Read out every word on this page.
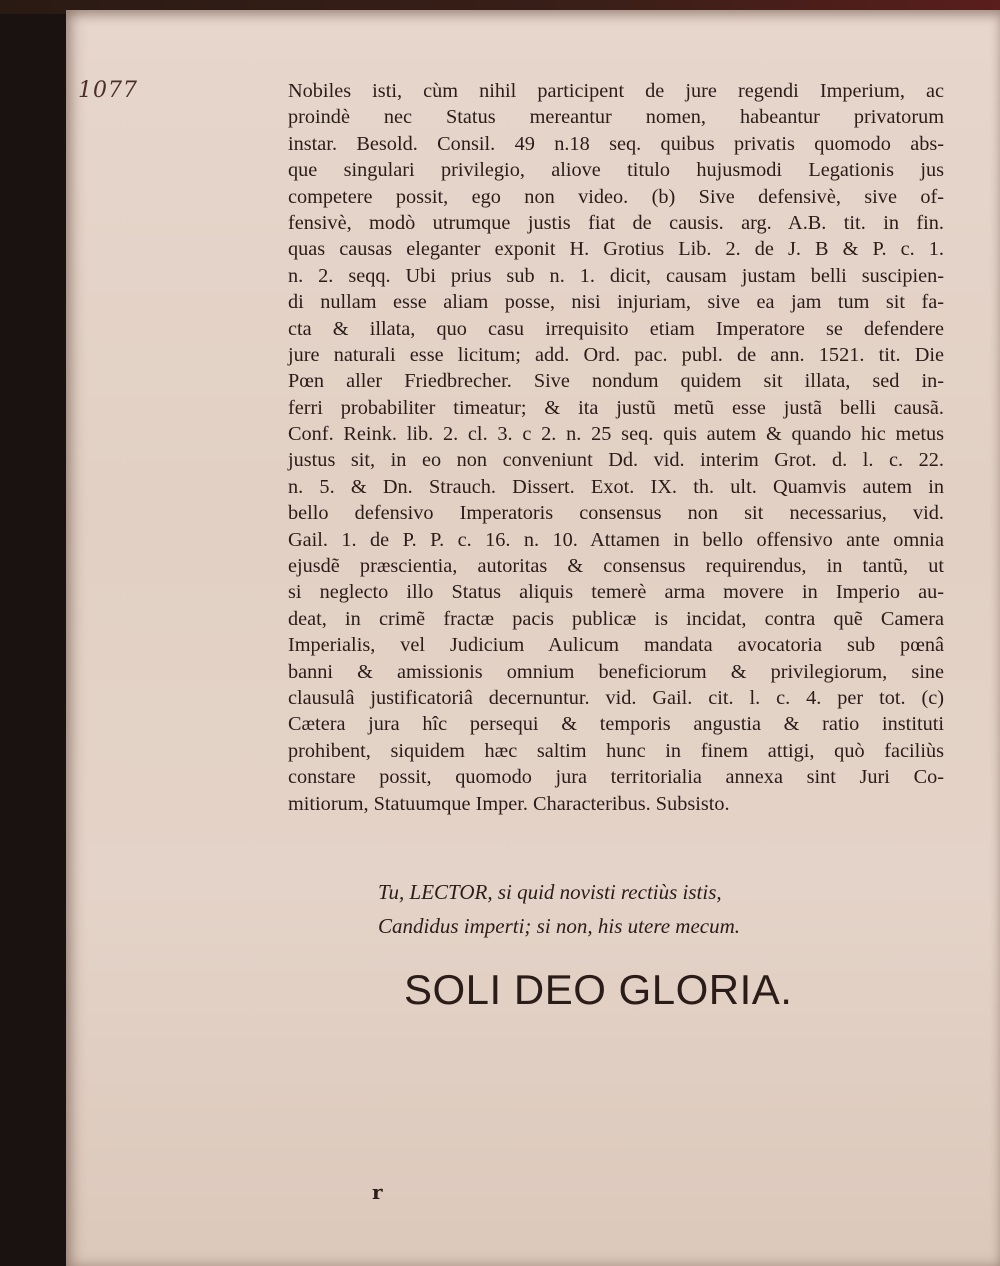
1077	Nobiles isti, cùm nihil participent de jure regendi Imperium, ac
proindè nec Status mereantur nomen, habeantur privatorum
instar. Besold. Consil. 49 n.18 seq. quibus privatis quomodo abs-
que singulari privilegio, aliove titulo hujusmodi Legationis jus
competere possit, ego non video. (b) Sive defensivè, sive of-
fensivè, modò utrumque justis fiat de causis. arg. A.B. tit. in fin.
quas causas eleganter exponit H. Grotius Lib. 2. de J. B & P. c. 1.
n. 2. seqq. Ubi prius sub n. 1. dicit, causam justam belli suscipien-
di nullam esse aliam posse, nisi injuriam, sive ea jam tum sit fa-
cta & illata, quo casu irrequisito etiam Imperatore se defendere
jure naturali esse licitum; add. Ord. pac. publ. de ann. 1521. tit. Die
Pœn aller Friedbrecher. Sive nondum quidem sit illata, sed in-
ferri probabiliter timeatur; & ita justũ metũ esse justã belli causã.
Conf. Reink. lib. 2. cl. 3. c 2. n. 25 seq. quis autem & quando hic metus
justus sit, in eo non conveniunt Dd. vid. interim Grot. d. l. c. 22.
n. 5. & Dn. Strauch. Dissert. Exot. IX. th. ult. Quamvis autem in
bello defensivo Imperatoris consensus non sit necessarius, vid.
Gail. 1. de P. P. c. 16. n. 10. Attamen in bello offensivo ante omnia
ejusdẽ præscientia, autoritas & consensus requirendus, in tantũ, ut
si neglecto illo Status aliquis temerè arma movere in Imperio au-
deat, in crimẽ fractæ pacis publicæ is incidat, contra quẽ Camera
Imperialis, vel Judicium Aulicum mandata avocatoria sub pœnâ
banni & amissionis omnium beneficiorum & privilegiorum, sine
clausulâ justificatoriâ decernuntur. vid. Gail. cit. l. c. 4. per tot. (c)
Cætera jura hîc persequi & temporis angustia & ratio instituti
prohibent, siquidem hæc saltim hunc in finem attigi, quò faciliùs
constare possit, quomodo jura territorialia annexa sint Juri Co-
mitiorum, Statuumque Imper. Characteribus. Subsisto.
Tu, LECTOR, si quid novisti rectiùs istis,
Candidus imperti; si non, his utere mecum.
SOLI DEO GLORIA.
r
